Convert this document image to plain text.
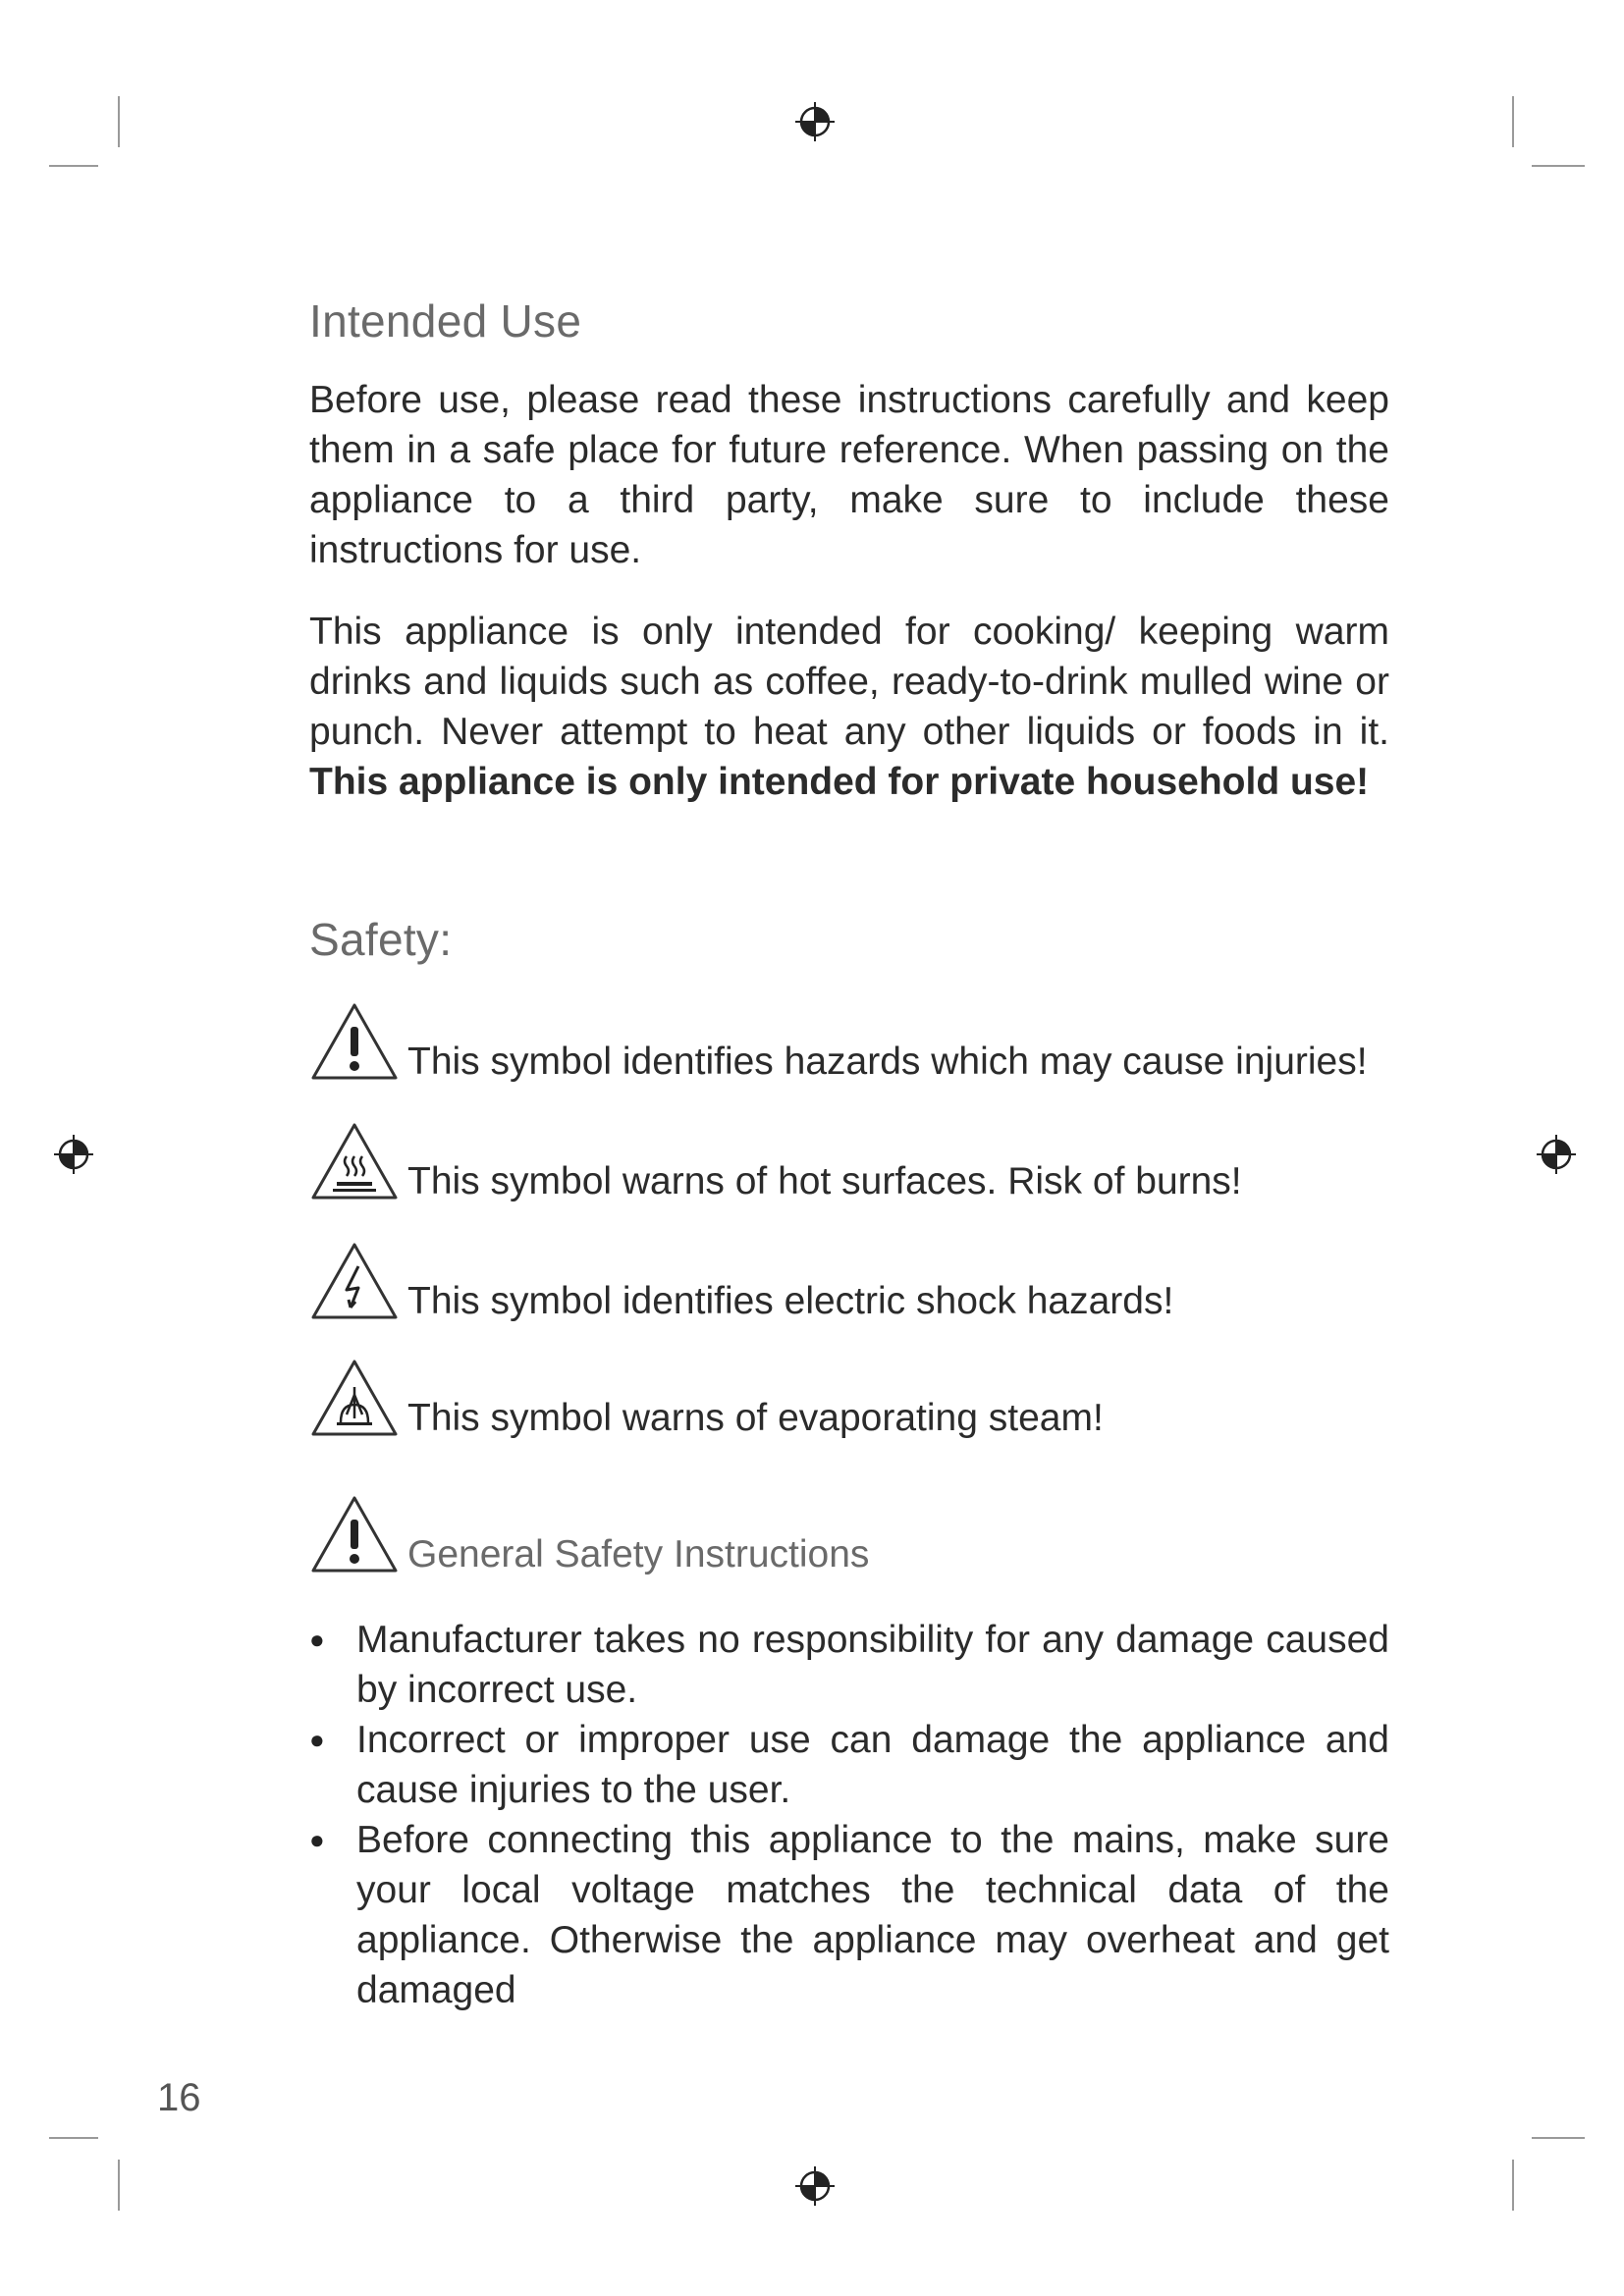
Intended Use

Before use, please read these instructions carefully and keep them in a safe place for future reference. When passing on the appliance to a third party, make sure to include these instructions for use.

This appliance is only intended for cooking/ keeping warm drinks and liquids such as coffee, ready-to-drink mulled wine or punch. Never attempt to heat any other liquids or foods in it. This appliance is only intended for private household use!

Safety:
This symbol identifies hazards which may cause injuries!
This symbol warns of hot surfaces. Risk of burns!
This symbol identifies electric shock hazards!
This symbol warns of evaporating steam!
General Safety Instructions
● Manufacturer takes no responsibility for any damage caused by incorrect use.
● Incorrect or improper use can damage the appliance and cause injuries to the user.
● Before connecting this appliance to the mains, make sure your local voltage matches the technical data of the appliance. Otherwise the appliance may overheat and get damaged
16
